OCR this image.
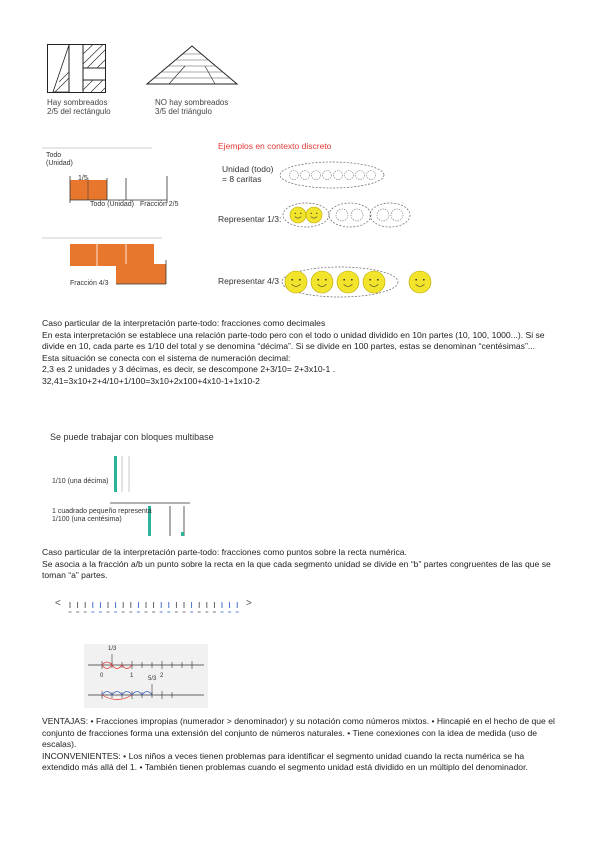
Hay sombreados
2/5 del rectángulo
NO hay sombreados
3/5 del triángulo
Todo
(Unidad)
1/5
Todo (Unidad) Fracción 2/5
Fracción 4/3
Ejemplos en contexto discreto
Unidad (todo)
= 8 caritas
Representar 1/3:
Representar 4/3

Caso particular de la interpretación parte-todo: fracciones como decimales

En esta interpretación se establece una relación parte-todo pero con el todo o unidad dividido en 10n partes (10, 100, 1000...). Si se divide en 10, cada parte es 1/10 del total y se denomina “décima”. Si se divide en 100 partes, estas se denominan “centésimas”...

Esta situación se conecta con el sistema de numeración decimal:

2,3 es 2 unidades y 3 décimas, es decir, se descompone 2+3/10= 2+3x10-1 .

32,41=3x10+2+4/10+1/100=3x10+2x100+4x10-1+1x10-2

Se puede trabajar con bloques multibase
1/10 (una décima)
1 cuadrado pequeño representa
1/100 (una centésima)

Caso particular de la interpretación parte-todo: fracciones como puntos sobre la recta numérica.

Se asocia a la fracción a/b un punto sobre la recta en la que cada segmento unidad se divide en “b” partes congruentes de las que se toman “a” partes.

<	>
1/3
5/3
0	1	2

VENTAJAS: • Fracciones impropias (numerador > denominador) y su notación como números mixtos. • Hincapié en el hecho de que el conjunto de fracciones forma una extensión del conjunto de números naturales. • Tiene conexiones con la idea de medida (uso de escalas).

INCONVENIENTES: • Los niños a veces tienen problemas para identificar el segmento unidad cuando la recta numérica se ha extendido más allá del 1. • También tienen problemas cuando el segmento unidad está dividido en un múltiplo del denominador.
